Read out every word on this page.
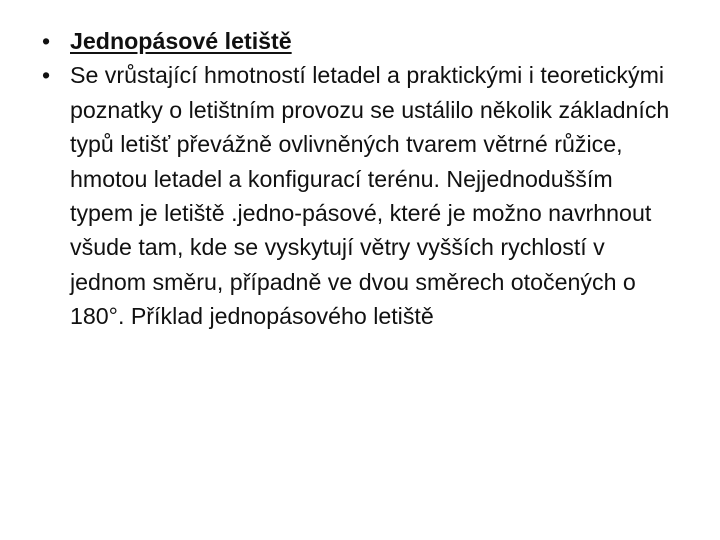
• Jednopásové letiště
• Se vrůstající hmotností letadel a praktickými i teoretickými poznatky o letištním provozu se ustálilo několik základních typů letišť převážně ovlivněných tvarem větrné růžice, hmotou letadel a konfigurací terénu. Nejjednodušším typem je letiště .jedno-pásové, které je možno navrhnout všude tam, kde se vyskytují větry vyšších rychlostí v jednom směru, případně ve dvou směrech otočených o 180°. Příklad jednopásového letiště
